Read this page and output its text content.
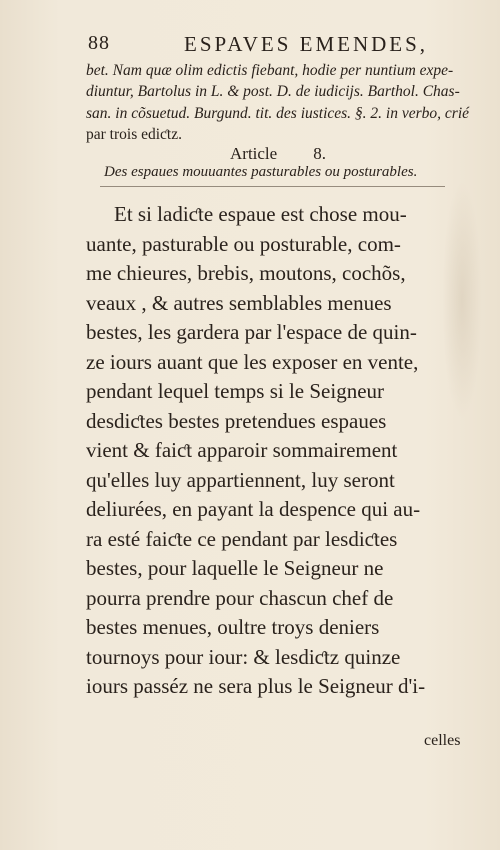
88	ESPAVES EMENDES,
bet. Nam quæ olim edictis fiebant, hodie per nuntium expe-
diuntur, Bartolus in L. & post. D. de iudicijs. Barthol. Chas-
san. in cõsuetud. Burgund. tit. des iustices. §. 2. in verbo, crié
par trois ediƈtz.
Article 8.
Des espaues mouuantes pasturables ou posturables.
Et si ladiƈte espaue est chose mou-
uante, pasturable ou posturable, com-
me chieures, brebis, moutons, cochõs,
veaux , & autres semblables menues
bestes, les gardera par l'espace de quin-
ze iours auant que les exposer en vente,
pendant lequel temps si le Seigneur
desdiƈtes bestes pretendues espaues
vient & faiƈt apparoir sommairement
qu'elles luy appartiennent, luy seront
deliurées, en payant la despence qui au-
ra esté faiƈte ce pendant par lesdiƈtes
bestes, pour laquelle le Seigneur ne
pourra prendre pour chascun chef de
bestes menues, oultre troys deniers
tournoys pour iour: & lesdiƈtz quinze
iours passéz ne sera plus le Seigneur d'i-
celles
